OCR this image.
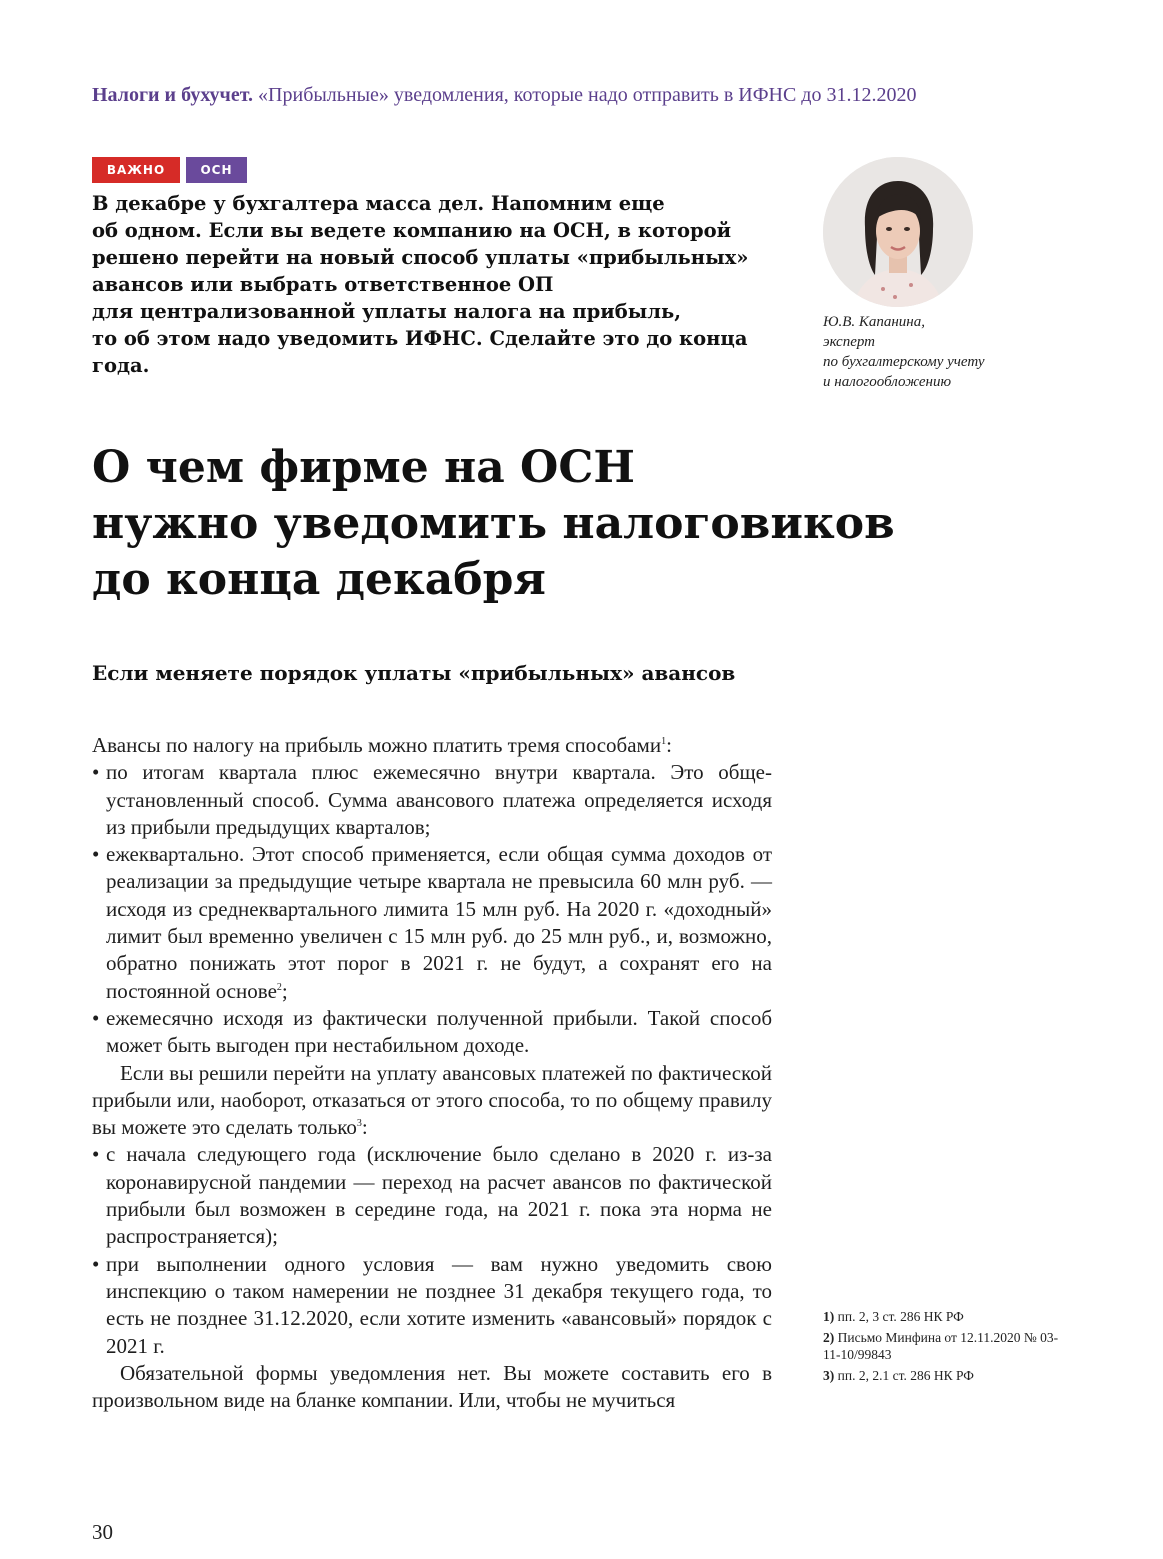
Налоги и бухучет. «Прибыльные» уведомления, которые надо отправить в ИФНС до 31.12.2020
ВАЖНО	ОСН
В декабре у бухгалтера масса дел. Напомним еще
об одном. Если вы ведете компанию на ОСН, в которой
решено перейти на новый способ уплаты «прибыльных»
авансов или выбрать ответственное ОП
для централизованной уплаты налога на прибыль,
то об этом надо уведомить ИФНС. Сделайте это до конца
года.
Ю.В. Капанина,
эксперт
по бухгалтерскому учету
и налогообложению
О чем фирме на ОСН
нужно уведомить налоговиков
до конца декабря
Если меняете порядок уплаты «прибыльных» авансов

Авансы по налогу на прибыль можно платить тремя способами$^1$:

• по итогам квартала плюс ежемесячно внутри квартала. Это общеустановленный способ. Сумма авансового платежа определяется исходя из прибыли предыдущих кварталов;
• ежеквартально. Этот способ применяется, если общая сумма доходов от реализации за предыдущие четыре квартала не превысила 60 млн руб. — исходя из среднеквартального лимита 15 млн руб. На 2020 г. «доходный» лимит был временно увеличен с 15 млн руб. до 25 млн руб., и, возможно, обратно понижать этот порог в 2021 г. не будут, а сохранят его на постоянной основе$^2$;
• ежемесячно исходя из фактически полученной прибыли. Такой способ может быть выгоден при нестабильном доходе.

Если вы решили перейти на уплату авансовых платежей по фактической прибыли или, наоборот, отказаться от этого способа, то по общему правилу вы можете это сделать только$^3$:

• с начала следующего года (исключение было сделано в 2020 г. из-за коронавирусной пандемии — переход на расчет авансов по фактической прибыли был возможен в середине года, на 2021 г. пока эта норма не распространяется);
• при выполнении одного условия — вам нужно уведомить свою инспекцию о таком намерении не позднее 31 декабря текущего года, то есть не позднее 31.12.2020, если хотите изменить «авансовый» порядок с 2021 г.

Обязательной формы уведомления нет. Вы можете составить его в произвольном виде на бланке компании. Или, чтобы не мучиться

1) пп. 2, 3 ст. 286 НК РФ
2) Письмо Минфина от 12.11.2020 № 03-11-10/99843
3) пп. 2, 2.1 ст. 286 НК РФ
30
